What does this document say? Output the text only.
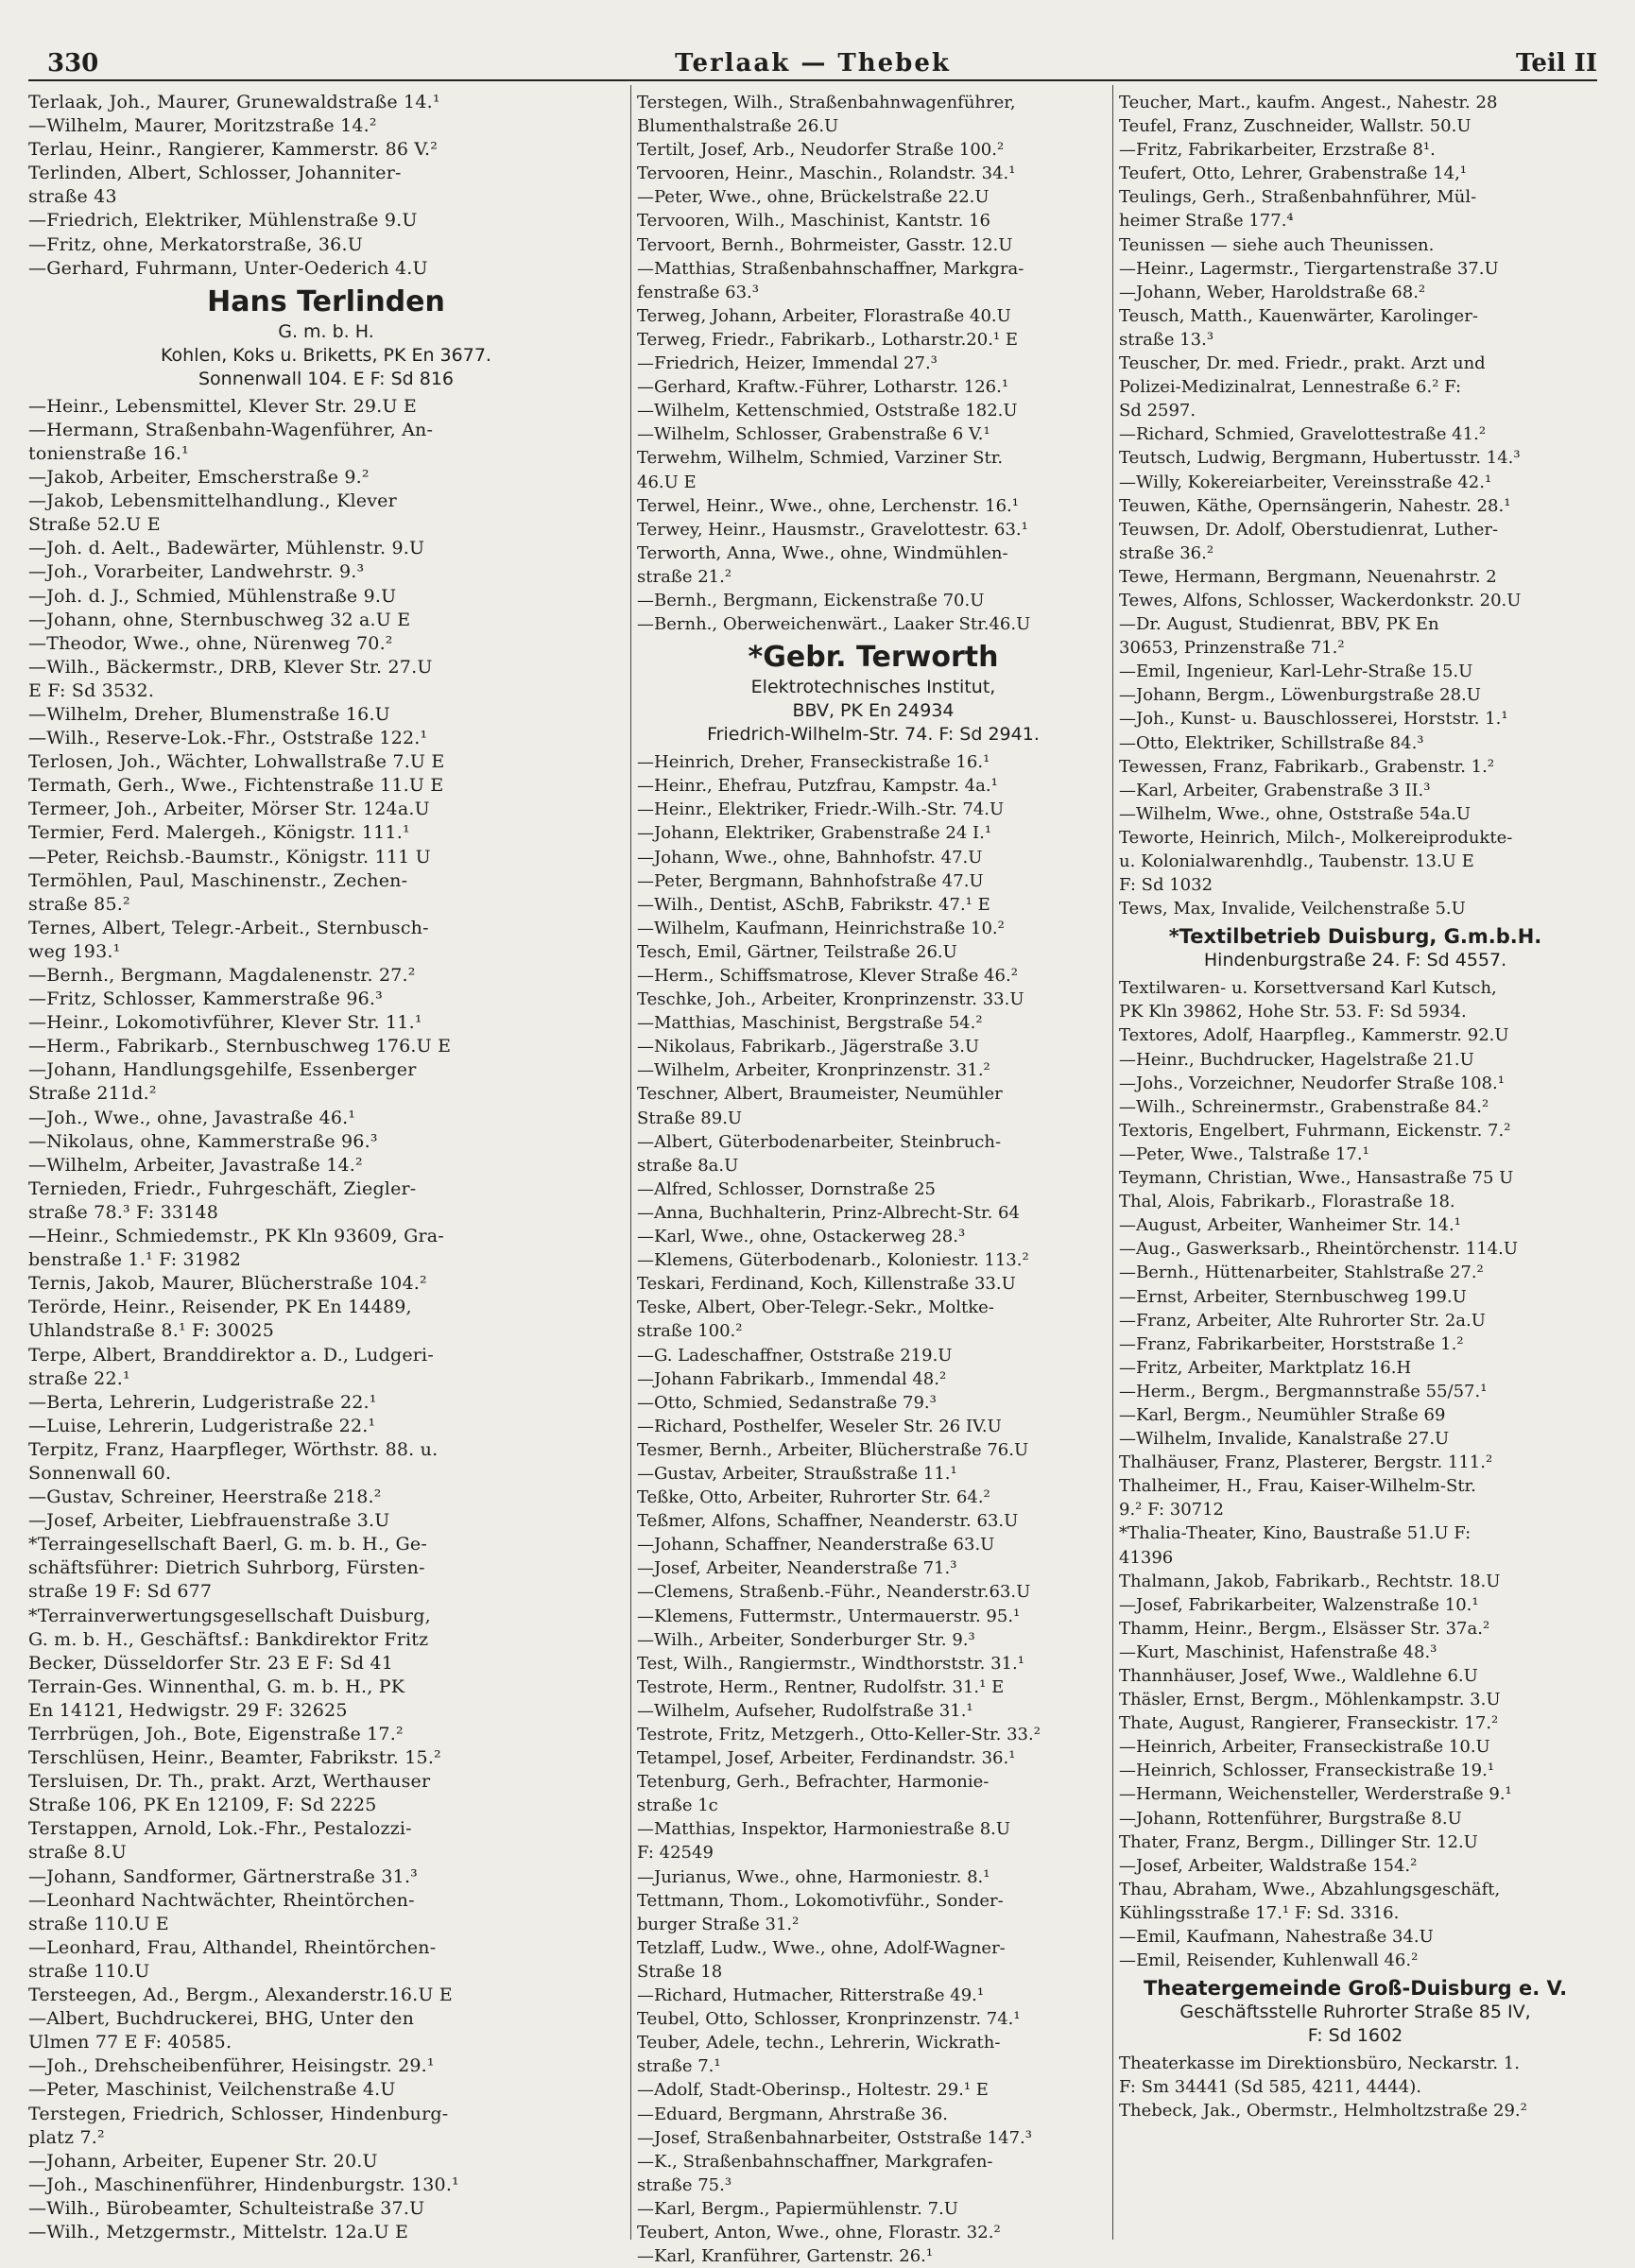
330	Terlaak — Thebek	Teil II
Terlaak, Joh., Maurer, Grunewaldstraße 14.¹
—Wilhelm, Maurer, Moritzstraße 14.²
Terlau, Heinr., Rangierer, Kammerstr. 86 V.²
Terlinden, Albert, Schlosser, Johanniter-
straße 43
—Friedrich, Elektriker, Mühlenstraße 9.U
—Fritz, ohne, Merkatorstraße, 36.U
—Gerhard, Fuhrmann, Unter-Oederich 4.U
Hans Terlinden
G. m. b. H.
Kohlen, Koks u. Briketts, PK En 3677.
Sonnenwall 104. E F: Sd 816
—Heinr., Lebensmittel, Klever Str. 29.U E
—Hermann, Straßenbahn-Wagenführer, An-
tonienstraße 16.¹
—Jakob, Arbeiter, Emscherstraße 9.²
—Jakob, Lebensmittelhandlung., Klever
Straße 52.U E
—Joh. d. Aelt., Badewärter, Mühlenstr. 9.U
—Joh., Vorarbeiter, Landwehrstr. 9.³
—Joh. d. J., Schmied, Mühlenstraße 9.U
—Johann, ohne, Sternbuschweg 32 a.U E
—Theodor, Wwe., ohne, Nürenweg 70.²
—Wilh., Bäckermstr., DRB, Klever Str. 27.U
E F: Sd 3532.
—Wilhelm, Dreher, Blumenstraße 16.U
—Wilh., Reserve-Lok.-Fhr., Oststraße 122.¹
Terlosen, Joh., Wächter, Lohwallstraße 7.U E
Termath, Gerh., Wwe., Fichtenstraße 11.U E
Termeer, Joh., Arbeiter, Mörser Str. 124a.U
Termier, Ferd. Malergeh., Königstr. 111.¹
—Peter, Reichsb.-Baumstr., Königstr. 111 U
Termöhlen, Paul, Maschinenstr., Zechen-
straße 85.²
Ternes, Albert, Telegr.-Arbeit., Sternbusch-
weg 193.¹
—Bernh., Bergmann, Magdalenenstr. 27.²
—Fritz, Schlosser, Kammerstraße 96.³
—Heinr., Lokomotivführer, Klever Str. 11.¹
—Herm., Fabrikarb., Sternbuschweg 176.U E
—Johann, Handlungsgehilfe, Essenberger
Straße 211d.²
—Joh., Wwe., ohne, Javastraße 46.¹
—Nikolaus, ohne, Kammerstraße 96.³
—Wilhelm, Arbeiter, Javastraße 14.²
Ternieden, Friedr., Fuhrgeschäft, Ziegler-
straße 78.³ F: 33148
—Heinr., Schmiedemstr., PK Kln 93609, Gra-
benstraße 1.¹ F: 31982
Ternis, Jakob, Maurer, Blücherstraße 104.²
Terörde, Heinr., Reisender, PK En 14489,
Uhlandstraße 8.¹ F: 30025
Terpe, Albert, Branddirektor a. D., Ludgeri-
straße 22.¹
—Berta, Lehrerin, Ludgeristraße 22.¹
—Luise, Lehrerin, Ludgeristraße 22.¹
Terpitz, Franz, Haarpfleger, Wörthstr. 88. u.
Sonnenwall 60.
—Gustav, Schreiner, Heerstraße 218.²
—Josef, Arbeiter, Liebfrauenstraße 3.U
*Terraingesellschaft Baerl, G. m. b. H., Ge-
schäftsführer: Dietrich Suhrborg, Fürsten-
straße 19 F: Sd 677
*Terrainverwertungsgesellschaft Duisburg,
G. m. b. H., Geschäftsf.: Bankdirektor Fritz
Becker, Düsseldorfer Str. 23 E F: Sd 41
Terrain-Ges. Winnenthal, G. m. b. H., PK
En 14121, Hedwigstr. 29 F: 32625
Terrbrügen, Joh., Bote, Eigenstraße 17.²
Terschlüsen, Heinr., Beamter, Fabrikstr. 15.²
Tersluisen, Dr. Th., prakt. Arzt, Werthauser
Straße 106, PK En 12109, F: Sd 2225
Terstappen, Arnold, Lok.-Fhr., Pestalozzi-
straße 8.U
—Johann, Sandformer, Gärtnerstraße 31.³
—Leonhard Nachtwächter, Rheintörchen-
straße 110.U E
—Leonhard, Frau, Althandel, Rheintörchen-
straße 110.U
Tersteegen, Ad., Bergm., Alexanderstr.16.U E
—Albert, Buchdruckerei, BHG, Unter den
Ulmen 77 E F: 40585.
—Joh., Drehscheibenführer, Heisingstr. 29.¹
—Peter, Maschinist, Veilchenstraße 4.U
Terstegen, Friedrich, Schlosser, Hindenburg-
platz 7.²
—Johann, Arbeiter, Eupener Str. 20.U
—Joh., Maschinenführer, Hindenburgstr. 130.¹
—Wilh., Bürobeamter, Schulteistraße 37.U
—Wilh., Metzgermstr., Mittelstr. 12a.U E
Terstegen, Wilh., Straßenbahnwagenführer,
Blumenthalstraße 26.U
Tertilt, Josef, Arb., Neudorfer Straße 100.²
Tervooren, Heinr., Maschin., Rolandstr. 34.¹
—Peter, Wwe., ohne, Brückelstraße 22.U
Tervooren, Wilh., Maschinist, Kantstr. 16
Tervoort, Bernh., Bohrmeister, Gasstr. 12.U
—Matthias, Straßenbahnschaffner, Markgra-
fenstraße 63.³
Terweg, Johann, Arbeiter, Florastraße 40.U
Terweg, Friedr., Fabrikarb., Lotharstr.20.¹ E
—Friedrich, Heizer, Immendal 27.³
—Gerhard, Kraftw.-Führer, Lotharstr. 126.¹
—Wilhelm, Kettenschmied, Oststraße 182.U
—Wilhelm, Schlosser, Grabenstraße 6 V.¹
Terwehm, Wilhelm, Schmied, Varziner Str.
46.U E
Terwel, Heinr., Wwe., ohne, Lerchenstr. 16.¹
Terwey, Heinr., Hausmstr., Gravelottestr. 63.¹
Terworth, Anna, Wwe., ohne, Windmühlen-
straße 21.²
—Bernh., Bergmann, Eickenstraße 70.U
—Bernh., Oberweichenwärt., Laaker Str.46.U
*Gebr. Terworth
Elektrotechnisches Institut,
BBV, PK En 24934
Friedrich-Wilhelm-Str. 74. F: Sd 2941.
—Heinrich, Dreher, Franseckistraße 16.¹
—Heinr., Ehefrau, Putzfrau, Kampstr. 4a.¹
—Heinr., Elektriker, Friedr.-Wilh.-Str. 74.U
—Johann, Elektriker, Grabenstraße 24 I.¹
—Johann, Wwe., ohne, Bahnhofstr. 47.U
—Peter, Bergmann, Bahnhofstraße 47.U
—Wilh., Dentist, ASchB, Fabrikstr. 47.¹ E
—Wilhelm, Kaufmann, Heinrichstraße 10.²
Tesch, Emil, Gärtner, Teilstraße 26.U
—Herm., Schiffsmatrose, Klever Straße 46.²
Teschke, Joh., Arbeiter, Kronprinzenstr. 33.U
—Matthias, Maschinist, Bergstraße 54.²
—Nikolaus, Fabrikarb., Jägerstraße 3.U
—Wilhelm, Arbeiter, Kronprinzenstr. 31.²
Teschner, Albert, Braumeister, Neumühler
Straße 89.U
—Albert, Güterbodenarbeiter, Steinbruch-
straße 8a.U
—Alfred, Schlosser, Dornstraße 25
—Anna, Buchhalterin, Prinz-Albrecht-Str. 64
—Karl, Wwe., ohne, Ostackerweg 28.³
—Klemens, Güterbodenarb., Koloniestr. 113.²
Teskari, Ferdinand, Koch, Killenstraße 33.U
Teske, Albert, Ober-Telegr.-Sekr., Moltke-
straße 100.²
—G. Ladeschaffner, Oststraße 219.U
—Johann Fabrikarb., Immendal 48.²
—Otto, Schmied, Sedanstraße 79.³
—Richard, Posthelfer, Weseler Str. 26 IV.U
Tesmer, Bernh., Arbeiter, Blücherstraße 76.U
—Gustav, Arbeiter, Straußstraße 11.¹
Teßke, Otto, Arbeiter, Ruhrorter Str. 64.²
Teßmer, Alfons, Schaffner, Neanderstr. 63.U
—Johann, Schaffner, Neanderstraße 63.U
—Josef, Arbeiter, Neanderstraße 71.³
—Clemens, Straßenb.-Führ., Neanderstr.63.U
—Klemens, Futtermstr., Untermauerstr. 95.¹
—Wilh., Arbeiter, Sonderburger Str. 9.³
Test, Wilh., Rangiermstr., Windthorststr. 31.¹
Testrote, Herm., Rentner, Rudolfstr. 31.¹ E
—Wilhelm, Aufseher, Rudolfstraße 31.¹
Testrote, Fritz, Metzgerh., Otto-Keller-Str. 33.²
Tetampel, Josef, Arbeiter, Ferdinandstr. 36.¹
Tetenburg, Gerh., Befrachter, Harmonie-
straße 1c
—Matthias, Inspektor, Harmoniestraße 8.U
F: 42549
—Jurianus, Wwe., ohne, Harmoniestr. 8.¹
Tettmann, Thom., Lokomotivführ., Sonder-
burger Straße 31.²
Tetzlaff, Ludw., Wwe., ohne, Adolf-Wagner-
Straße 18
—Richard, Hutmacher, Ritterstraße 49.¹
Teubel, Otto, Schlosser, Kronprinzenstr. 74.¹
Teuber, Adele, techn., Lehrerin, Wickrath-
straße 7.¹
—Adolf, Stadt-Oberinsp., Holtestr. 29.¹ E
—Eduard, Bergmann, Ahrstraße 36.
—Josef, Straßenbahnarbeiter, Oststraße 147.³
—K., Straßenbahnschaffner, Markgrafen-
straße 75.³
—Karl, Bergm., Papiermühlenstr. 7.U
Teubert, Anton, Wwe., ohne, Florastr. 32.²
—Karl, Kranführer, Gartenstr. 26.¹
Teucher, Mart., kaufm. Angest., Nahestr. 28
Teufel, Franz, Zuschneider, Wallstr. 50.U
—Fritz, Fabrikarbeiter, Erzstraße 8¹.
Teufert, Otto, Lehrer, Grabenstraße 14,¹
Teulings, Gerh., Straßenbahnführer, Mül-
heimer Straße 177.⁴
Teunissen — siehe auch Theunissen.
—Heinr., Lagermstr., Tiergartenstraße 37.U
—Johann, Weber, Haroldstraße 68.²
Teusch, Matth., Kauenwärter, Karolinger-
straße 13.³
Teuscher, Dr. med. Friedr., prakt. Arzt und
Polizei-Medizinalrat, Lennestraße 6.² F:
Sd 2597.
—Richard, Schmied, Gravelottestraße 41.²
Teutsch, Ludwig, Bergmann, Hubertusstr. 14.³
—Willy, Kokereiarbeiter, Vereinsstraße 42.¹
Teuwen, Käthe, Opernsängerin, Nahestr. 28.¹
Teuwsen, Dr. Adolf, Oberstudienrat, Luther-
straße 36.²
Tewe, Hermann, Bergmann, Neuenahrstr. 2
Tewes, Alfons, Schlosser, Wackerdonkstr. 20.U
—Dr. August, Studienrat, BBV, PK En
30653, Prinzenstraße 71.²
—Emil, Ingenieur, Karl-Lehr-Straße 15.U
—Johann, Bergm., Löwenburgstraße 28.U
—Joh., Kunst- u. Bauschlosserei, Horststr. 1.¹
—Otto, Elektriker, Schillstraße 84.³
Tewessen, Franz, Fabrikarb., Grabenstr. 1.²
—Karl, Arbeiter, Grabenstraße 3 II.³
—Wilhelm, Wwe., ohne, Oststraße 54a.U
Teworte, Heinrich, Milch-, Molkereiprodukte-
u. Kolonialwarenhdlg., Taubenstr. 13.U E
F: Sd 1032
Tews, Max, Invalide, Veilchenstraße 5.U
*Textilbetrieb Duisburg, G.m.b.H.
Hindenburgstraße 24. F: Sd 4557.
Textilwaren- u. Korsettversand Karl Kutsch,
PK Kln 39862, Hohe Str. 53. F: Sd 5934.
Textores, Adolf, Haarpfleg., Kammerstr. 92.U
—Heinr., Buchdrucker, Hagelstraße 21.U
—Johs., Vorzeichner, Neudorfer Straße 108.¹
—Wilh., Schreinermstr., Grabenstraße 84.²
Textoris, Engelbert, Fuhrmann, Eickenstr. 7.²
—Peter, Wwe., Talstraße 17.¹
Teymann, Christian, Wwe., Hansastraße 75 U
Thal, Alois, Fabrikarb., Florastraße 18.
—August, Arbeiter, Wanheimer Str. 14.¹
—Aug., Gaswerksarb., Rheintörchenstr. 114.U
—Bernh., Hüttenarbeiter, Stahlstraße 27.²
—Ernst, Arbeiter, Sternbuschweg 199.U
—Franz, Arbeiter, Alte Ruhrorter Str. 2a.U
—Franz, Fabrikarbeiter, Horststraße 1.²
—Fritz, Arbeiter, Marktplatz 16.H
—Herm., Bergm., Bergmannstraße 55/57.¹
—Karl, Bergm., Neumühler Straße 69
—Wilhelm, Invalide, Kanalstraße 27.U
Thalhäuser, Franz, Plasterer, Bergstr. 111.²
Thalheimer, H., Frau, Kaiser-Wilhelm-Str.
9.² F: 30712
*Thalia-Theater, Kino, Baustraße 51.U F:
41396
Thalmann, Jakob, Fabrikarb., Rechtstr. 18.U
—Josef, Fabrikarbeiter, Walzenstraße 10.¹
Thamm, Heinr., Bergm., Elsässer Str. 37a.²
—Kurt, Maschinist, Hafenstraße 48.³
Thannhäuser, Josef, Wwe., Waldlehne 6.U
Thäsler, Ernst, Bergm., Möhlenkampstr. 3.U
Thate, August, Rangierer, Franseckistr. 17.²
—Heinrich, Arbeiter, Franseckistraße 10.U
—Heinrich, Schlosser, Franseckistraße 19.¹
—Hermann, Weichensteller, Werderstraße 9.¹
—Johann, Rottenführer, Burgstraße 8.U
Thater, Franz, Bergm., Dillinger Str. 12.U
—Josef, Arbeiter, Waldstraße 154.²
Thau, Abraham, Wwe., Abzahlungsgeschäft,
Kühlingsstraße 17.¹ F: Sd. 3316.
—Emil, Kaufmann, Nahestraße 34.U
—Emil, Reisender, Kuhlenwall 46.²
Theatergemeinde Groß-Duisburg e. V.
Geschäftsstelle Ruhrorter Straße 85 IV,
F: Sd 1602
Theaterkasse im Direktionsbüro, Neckarstr. 1.
F: Sm 34441 (Sd 585, 4211, 4444).
Thebeck, Jak., Obermstr., Helmholtzstraße 29.²
